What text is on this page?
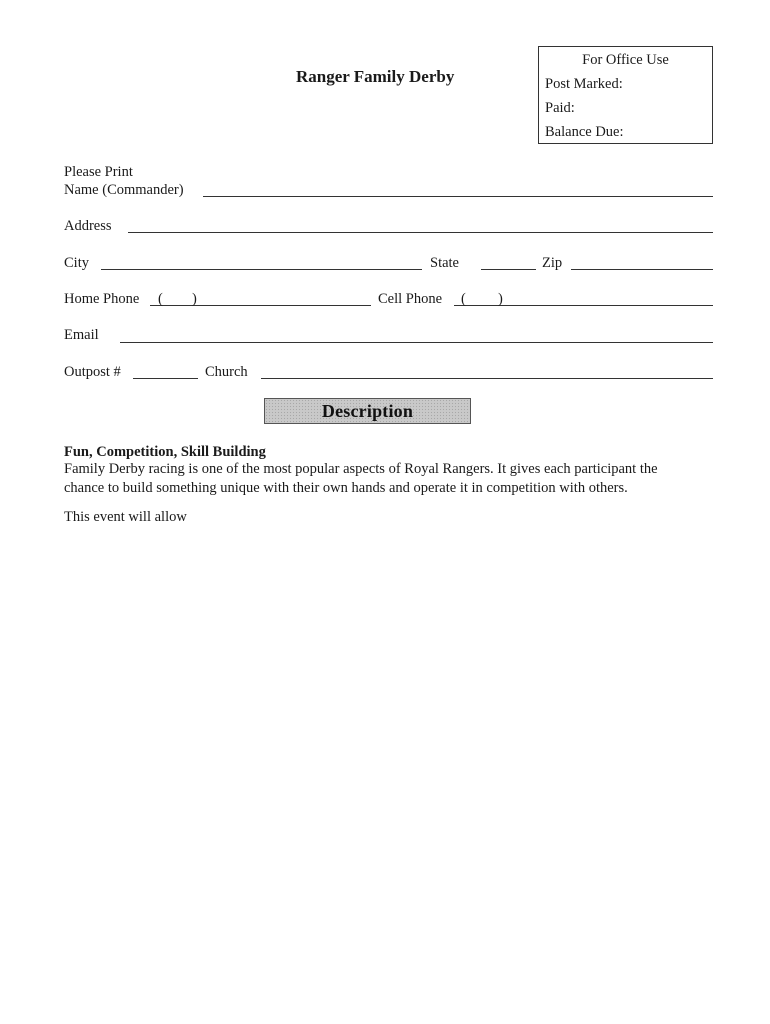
Ranger Family Derby
For Office Use
Post Marked:
Paid:
Balance Due:
Please Print
Name (Commander)
Address
City	State	Zip
Home Phone ( )	Cell Phone ( )
Email
Outpost #	Church
Description
Fun, Competition, Skill Building

Family Derby racing is one of the most popular aspects of Royal Rangers. It gives each participant the

chance to build something unique with their own hands and operate it in competition with others.

This event will allow
